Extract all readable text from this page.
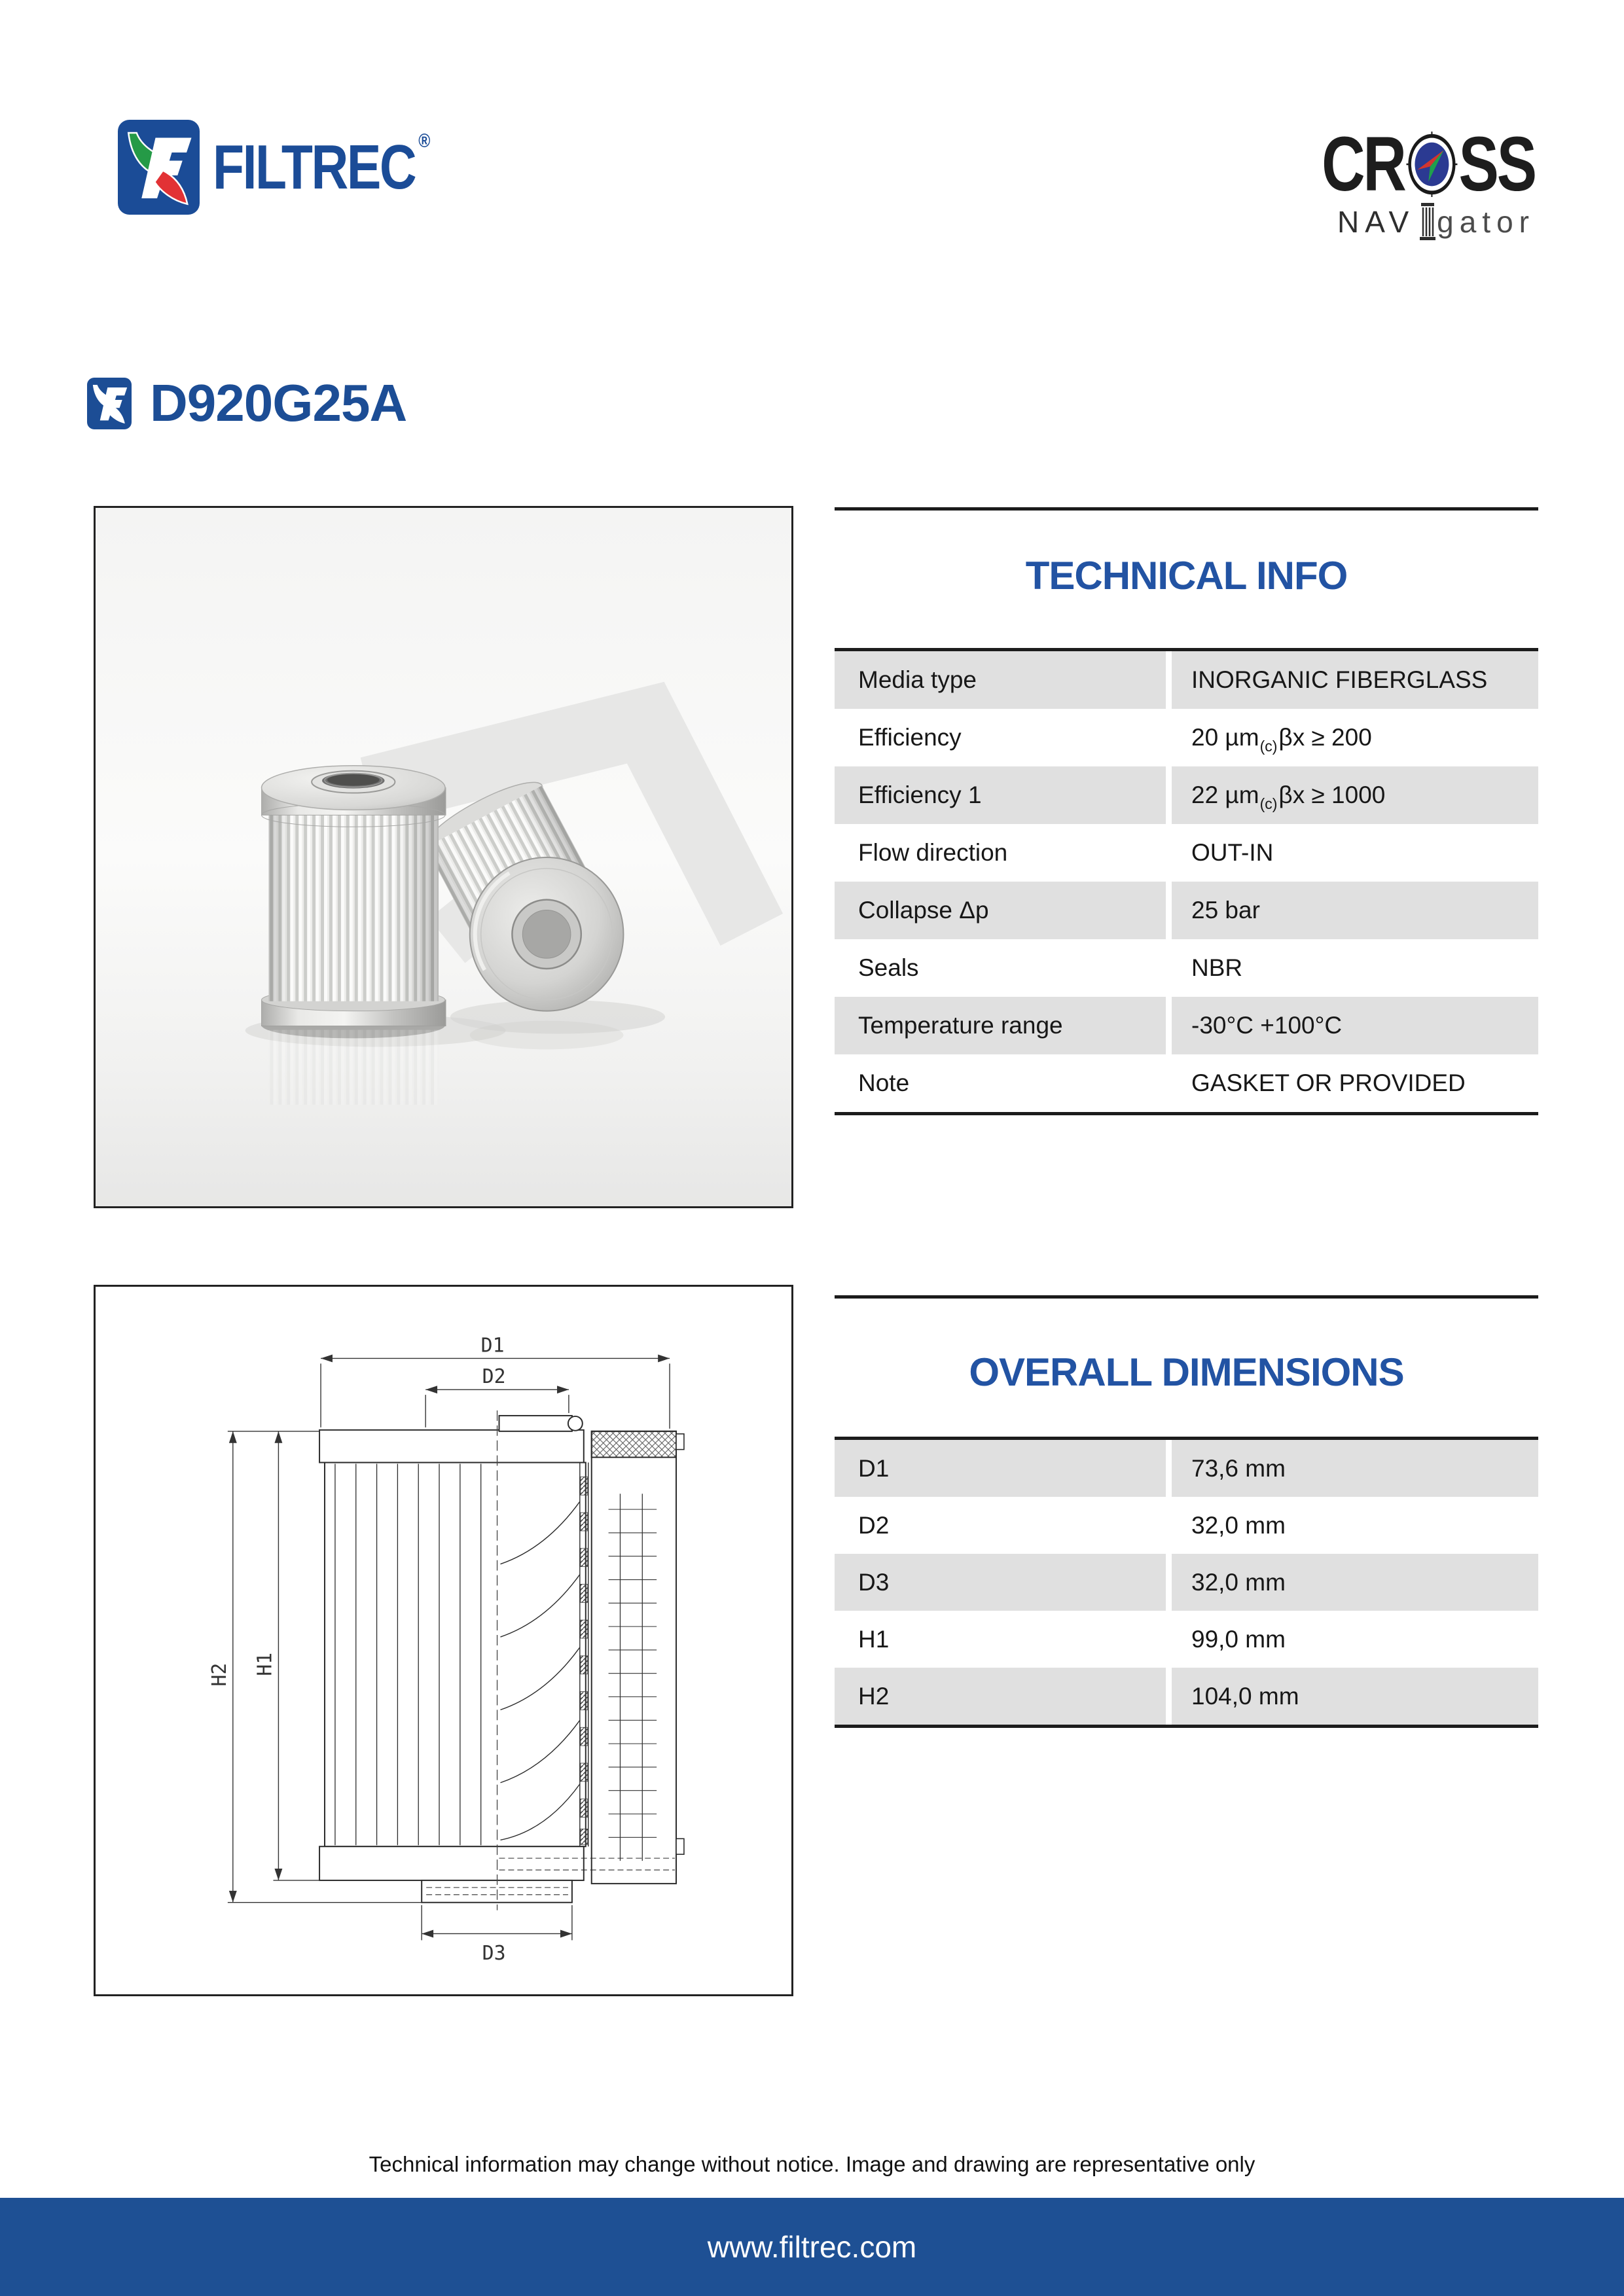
FILTREC ®	CR SS
NAV gator
D920G25A
TECHNICAL INFO
Media type	INORGANIC FIBERGLASS
Efficiency	20 µm (c) βx ≥ 200
Efficiency 1	22 µm (c) βx ≥ 1000
Flow direction	OUT-IN
Collapse Δp	25 bar
Seals	NBR
Temperature range	-30°C +100°C
Note	GASKET OR PROVIDED
D1
D2
D3
H2 H1
OVERALL DIMENSIONS
D1	73,6 mm
D2	32,0 mm
D3	32,0 mm
H1	99,0 mm
H2	104,0 mm
Technical information may change without notice. Image and drawing are representative only
www.filtrec.com
